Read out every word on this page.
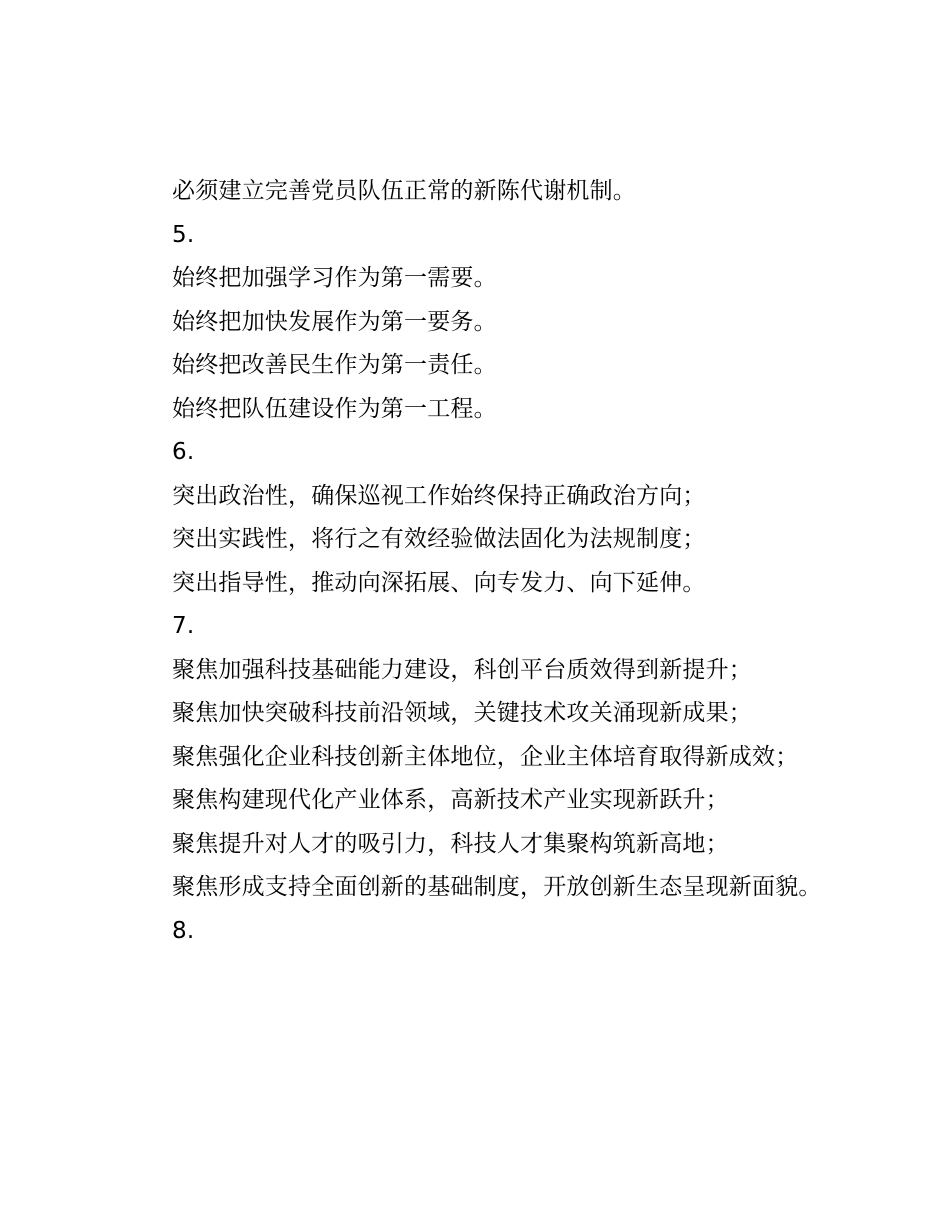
必须建立完善党员队伍正常的新陈代谢机制。

5.

始终把加强学习作为第一需要。

始终把加快发展作为第一要务。

始终把改善民生作为第一责任。

始终把队伍建设作为第一工程。

6.

突出政治性，确保巡视工作始终保持正确政治方向；

突出实践性，将行之有效经验做法固化为法规制度；

突出指导性，推动向深拓展、向专发力、向下延伸。

7.

聚焦加强科技基础能力建设，科创平台质效得到新提升；

聚焦加快突破科技前沿领域，关键技术攻关涌现新成果；

聚焦强化企业科技创新主体地位，企业主体培育取得新成效；

聚焦构建现代化产业体系，高新技术产业实现新跃升；

聚焦提升对人才的吸引力，科技人才集聚构筑新高地；

聚焦形成支持全面创新的基础制度，开放创新生态呈现新面貌。

8.
